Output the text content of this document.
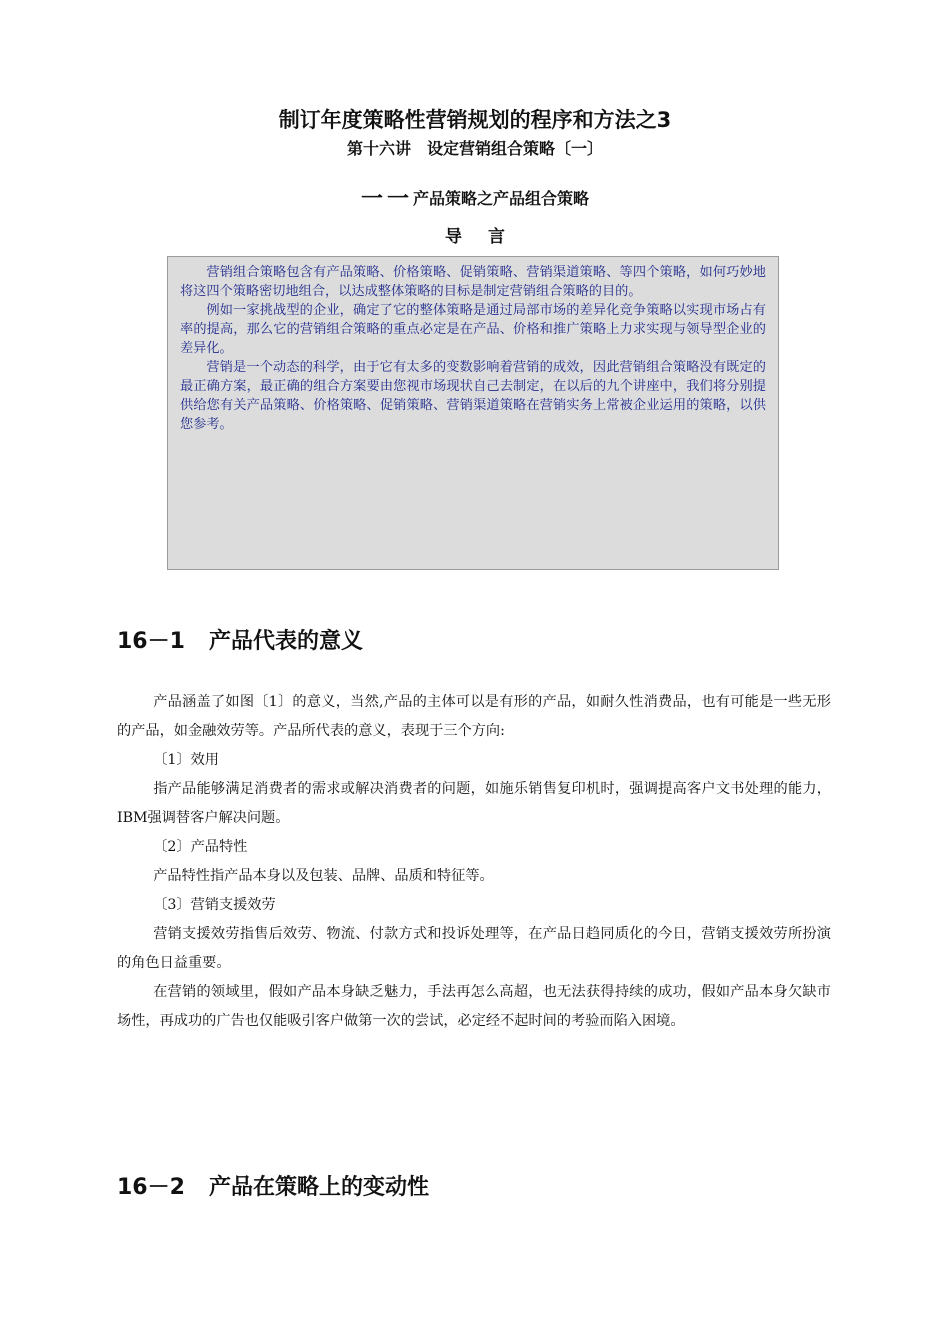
制订年度策略性营销规划的程序和方法之3
第十六讲　设定营销组合策略〔一〕
一一产品策略之产品组合策略
导言

营销组合策略包含有产品策略、价格策略、促销策略、营销渠道策略、等四个策略，如何巧妙地将这四个策略密切地组合，以达成整体策略的目标是制定营销组合策略的目的。

例如一家挑战型的企业，确定了它的整体策略是通过局部市场的差异化竞争策略以实现市场占有率的提高，那么它的营销组合策略的重点必定是在产品、价格和推广策略上力求实现与领导型企业的差异化。

营销是一个动态的科学，由于它有太多的变数影响着营销的成效，因此营销组合策略没有既定的最正确方案，最正确的组合方案要由您视市场现状自己去制定，在以后的九个讲座中，我们将分别提供给您有关产品策略、价格策略、促销策略、营销渠道策略在营销实务上常被企业运用的策略，以供您参考。

16－1 产品代表的意义

产品涵盖了如图〔1〕的意义，当然,产品的主体可以是有形的产品，如耐久性消费品，也有可能是一些无形的产品，如金融效劳等。产品所代表的意义，表现于三个方向:

〔1〕效用

指产品能够满足消费者的需求或解决消费者的问题，如施乐销售复印机时，强调提高客户文书处理的能力，IBM强调替客户解决问题。

〔2〕产品特性

产品特性指产品本身以及包装、品牌、品质和特征等。

〔3〕营销支援效劳

营销支援效劳指售后效劳、物流、付款方式和投诉处理等，在产品日趋同质化的今日，营销支援效劳所扮演的角色日益重要。

在营销的领域里，假如产品本身缺乏魅力，手法再怎么高超，也无法获得持续的成功，假如产品本身欠缺市场性，再成功的广告也仅能吸引客户做第一次的尝试，必定经不起时间的考验而陷入困境。

16－2 产品在策略上的变动性
